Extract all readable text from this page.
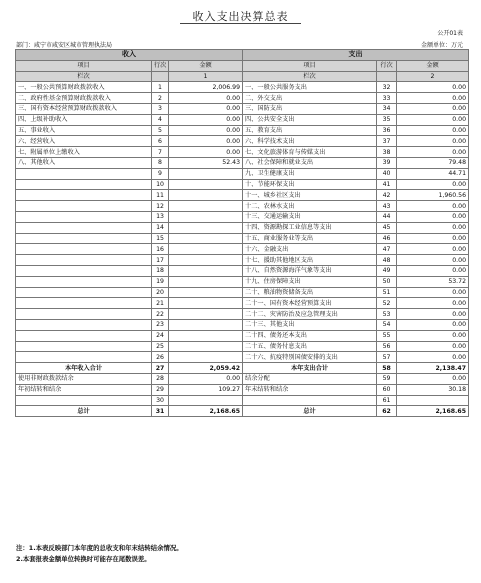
收入支出决算总表
公开01表
部门：咸宁市咸安区城市管理执法局	金额单位：万元
收入			支出		
项目	行次	金额	项目	行次	金额
栏次		1	栏次		2
一、一般公共预算财政拨款收入	1	2,006.99	一、一般公共服务支出	32	0.00
二、政府性基金预算财政拨款收入	2	0.00	二、外交支出	33	0.00
三、国有资本经营预算财政拨款收入	3	0.00	三、国防支出	34	0.00
四、上级补助收入	4	0.00	四、公共安全支出	35	0.00
五、事业收入	5	0.00	五、教育支出	36	0.00
六、经营收入	6	0.00	六、科学技术支出	37	0.00
七、附属单位上缴收入	7	0.00	七、文化旅游体育与传媒支出	38	0.00
八、其他收入	8	52.43	八、社会保障和就业支出	39	79.48
	9		九、卫生健康支出	40	44.71
	10		十、节能环保支出	41	0.00
	11		十一、城乡社区支出	42	1,960.56
	12		十二、农林水支出	43	0.00
	13		十三、交通运输支出	44	0.00
	14		十四、资源勘探工业信息等支出	45	0.00
	15		十五、商业服务业等支出	46	0.00
	16		十六、金融支出	47	0.00
	17		十七、援助其他地区支出	48	0.00
	18		十八、自然资源海洋气象等支出	49	0.00
	19		十九、住房保障支出	50	53.72
	20		二十、粮油物资储备支出	51	0.00
	21		二十一、国有资本经营预算支出	52	0.00
	22		二十二、灾害防治及应急管理支出	53	0.00
	23		二十三、其他支出	54	0.00
	24		二十四、债务还本支出	55	0.00
	25		二十五、债务付息支出	56	0.00
	26		二十六、抗疫特别国债安排的支出	57	0.00
本年收入合计	27	2,059.42	本年支出合计	58	2,138.47
使用非财政拨款结余	28	0.00	结余分配	59	0.00
年初结转和结余	29	109.27	年末结转和结余	60	30.18
	30			61	
总计	31	2,168.65	总计	62	2,168.65
注：1.本表反映部门本年度的总收支和年末结转结余情况。
2.本套报表金额单位转换时可能存在尾数误差。
